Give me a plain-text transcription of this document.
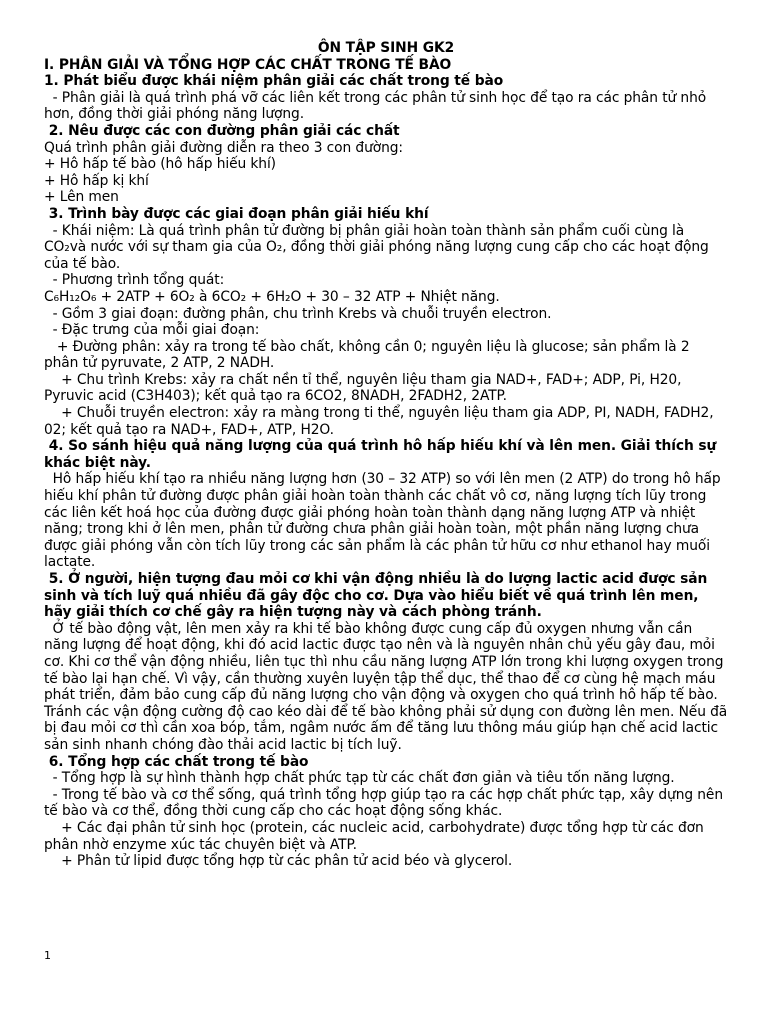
ÔN TẬP SINH GK2

I. PHÂN GIẢI VÀ TỔNG HỢP CÁC CHẤT TRONG TẾ BÀO

1. Phát biểu được khái niệm phân giải các chất trong tế bào

- Phân giải là quá trình phá vỡ các liên kết trong các phân tử sinh học để tạo ra các phân tử nhỏ hơn, đồng thời giải phóng năng lượng.

2. Nêu được các con đường phân giải các chất

Quá trình phân giải đường diễn ra theo 3 con đường:

+ Hô hấp tế bào (hô hấp hiếu khí)

+ Hô hấp kị khí

+ Lên men

3. Trình bày được các giai đoạn phân giải hiếu khí

- Khái niệm: Là quá trình phân tử đường bị phân giải hoàn toàn thành sản phẩm cuối cùng là CO₂và nước với sự tham gia của O₂, đồng thời giải phóng năng lượng cung cấp cho các hoạt động của tế bào.

- Phương trình tổng quát:

C₆H₁₂O₆ + 2ATP + 6O₂ à 6CO₂ + 6H₂O + 30 – 32 ATP + Nhiệt năng.

- Gồm 3 giai đoạn: đường phân, chu trình Krebs và chuỗi truyền electron.

- Đặc trưng của mỗi giai đoạn:

+ Đường phân: xảy ra trong tế bào chất, không cần 0; nguyên liệu là glucose; sản phẩm là 2 phân tử pyruvate, 2 ATP, 2 NADH.

+ Chu trình Krebs: xảy ra chất nền tỉ thể, nguyên liệu tham gia NAD+, FAD+; ADP, Pi, H20, Pyruvic acid (C3H403); kết quả tạo ra 6CO2, 8NADH, 2FADH2, 2ATP.

+ Chuỗi truyền electron: xảy ra màng trong ti thể, nguyên liệu tham gia ADP, PI, NADH, FADH2, 02; kết quả tạo ra NAD+, FAD+, ATP, H2O.

4. So sánh hiệu quả năng lượng của quá trình hô hấp hiếu khí và lên men. Giải thích sự khác biệt này.

Hô hấp hiếu khí tạo ra nhiều năng lượng hơn (30 – 32 ATP) so với lên men (2 ATP) do trong hô hấp hiếu khí phân tử đường được phân giải hoàn toàn thành các chất vô cơ, năng lượng tích lũy trong các liên kết hoá học của đường được giải phóng hoàn toàn thành dạng năng lượng ATP và nhiệt năng; trong khi ở lên men, phân tử đường chưa phân giải hoàn toàn, một phần năng lượng chưa được giải phóng vẫn còn tích lũy trong các sản phẩm là các phân tử hữu cơ như ethanol hay muối lactate.

5. Ở người, hiện tượng đau mỏi cơ khi vận động nhiều là do lượng lactic acid được sản sinh và tích luỹ quá nhiều đã gây độc cho cơ. Dựa vào hiểu biết về quá trình lên men, hãy giải thích cơ chế gây ra hiện tượng này và cách phòng tránh.

Ở tế bào động vật, lên men xảy ra khi tế bào không được cung cấp đủ oxygen nhưng vẫn cần năng lượng để hoạt động, khi đó acid lactic được tạo nên và là nguyên nhân chủ yếu gây đau, mỏi cơ. Khi cơ thể vận động nhiều, liên tục thì nhu cầu năng lượng ATP lớn trong khi lượng oxygen trong tế bào lại hạn chế. Vì vậy, cần thường xuyên luyện tập thể dục, thể thao để cơ cùng hệ mạch máu phát triển, đảm bảo cung cấp đủ năng lượng cho vận động và oxygen cho quá trình hô hấp tế bào. Tránh các vận động cường độ cao kéo dài để tế bào không phải sử dụng con đường lên men. Nếu đã bị đau mỏi cơ thì cần xoa bóp, tắm, ngâm nước ấm để tăng lưu thông máu giúp hạn chế acid lactic sản sinh nhanh chóng đào thải acid lactic bị tích luỹ.

6. Tổng hợp các chất trong tế bào

- Tổng hợp là sự hình thành hợp chất phức tạp từ các chất đơn giản và tiêu tốn năng lượng.

- Trong tế bào và cơ thể sống, quá trình tổng hợp giúp tạo ra các hợp chất phức tạp, xây dựng nên tế bào và cơ thể, đồng thời cung cấp cho các hoạt động sống khác.

+ Các đại phân tử sinh học (protein, các nucleic acid, carbohydrate) được tổng hợp từ các đơn phân nhờ enzyme xúc tác chuyên biệt và ATP.

+ Phân tử lipid được tổng hợp từ các phân tử acid béo và glycerol.

1
